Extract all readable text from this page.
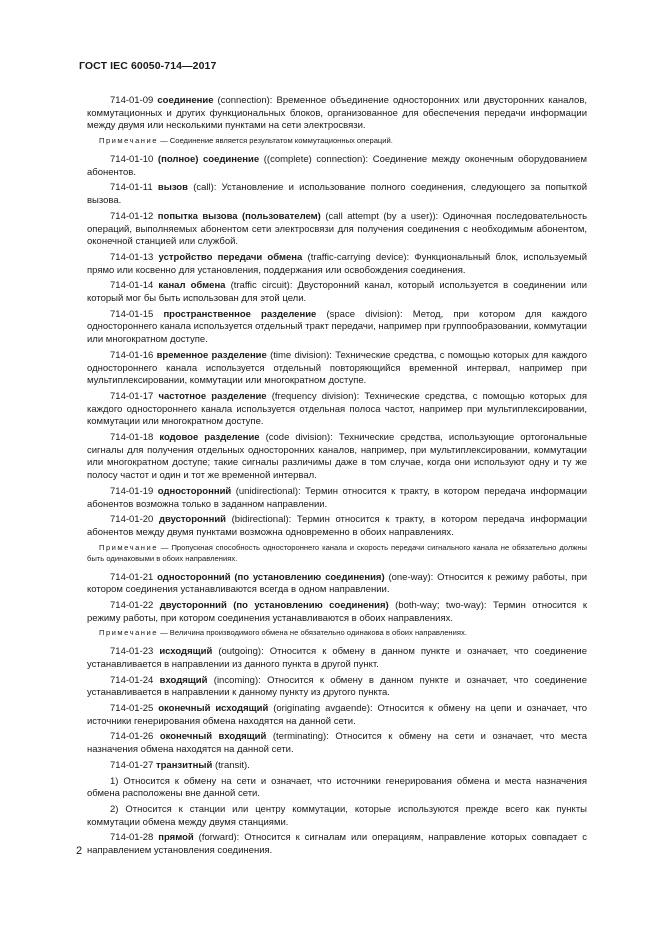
ГОСТ IEC 60050-714—2017

714-01-09 соединение (connection): Временное объединение односторонних или двусторонних каналов, коммутационных и других функциональных блоков, организованное для обеспечения передачи информации между двумя или несколькими пунктами на сети электросвязи.

Примечание — Соединение является результатом коммутационных операций.

714-01-10 (полное) соединение ((complete) connection): Соединение между оконечным оборудованием абонентов.

714-01-11 вызов (call): Установление и использование полного соединения, следующего за попыткой вызова.

714-01-12 попытка вызова (пользователем) (call attempt (by a user)): Одиночная последовательность операций, выполняемых абонентом сети электросвязи для получения соединения с необходимым абонентом, оконечной станцией или службой.

714-01-13 устройство передачи обмена (traffic-carrying device): Функциональный блок, используемый прямо или косвенно для установления, поддержания или освобождения соединения.

714-01-14 канал обмена (traffic circuit): Двусторонний канал, который используется в соединении или который мог бы быть использован для этой цели.

714-01-15 пространственное разделение (space division): Метод, при котором для каждого одностороннего канала используется отдельный тракт передачи, например при группообразовании, коммутации или многократном доступе.

714-01-16 временное разделение (time division): Технические средства, с помощью которых для каждого одностороннего канала используется отдельный повторяющийся временной интервал, например при мультиплексировании, коммутации или многократном доступе.

714-01-17 частотное разделение (frequency division): Технические средства, с помощью которых для каждого одностороннего канала используется отдельная полоса частот, например при мультиплексировании, коммутации или многократном доступе.

714-01-18 кодовое разделение (code division): Технические средства, использующие ортогональные сигналы для получения отдельных односторонних каналов, например, при мультиплексировании, коммутации или многократном доступе; такие сигналы различимы даже в том случае, когда они используют одну и ту же полосу частот и один и тот же временной интервал.

714-01-19 односторонний (unidirectional): Термин относится к тракту, в котором передача информации абонентов возможна только в заданном направлении.

714-01-20 двусторонний (bidirectional): Термин относится к тракту, в котором передача информации абонентов между двумя пунктами возможна одновременно в обоих направлениях.

Примечание — Пропускная способность одностороннего канала и скорость передачи сигнального канала не обязательно должны быть одинаковыми в обоих направлениях.

714-01-21 односторонний (по установлению соединения) (one-way): Относится к режиму работы, при котором соединения устанавливаются всегда в одном направлении.

714-01-22 двусторонний (по установлению соединения) (both-way; two-way): Термин относится к режиму работы, при котором соединения устанавливаются в обоих направлениях.

Примечание — Величина производимого обмена не обязательно одинакова в обоих направлениях.

714-01-23 исходящий (outgoing): Относится к обмену в данном пункте и означает, что соединение устанавливается в направлении из данного пункта в другой пункт.

714-01-24 входящий (incoming): Относится к обмену в данном пункте и означает, что соединение устанавливается в направлении к данному пункту из другого пункта.

714-01-25 оконечный исходящий (originating avgaende): Относится к обмену на цепи и означает, что источники генерирования обмена находятся на данной сети.

714-01-26 оконечный входящий (terminating): Относится к обмену на сети и означает, что места назначения обмена находятся на данной сети.

714-01-27 транзитный (transit).

1) Относится к обмену на сети и означает, что источники генерирования обмена и места назначения обмена расположены вне данной сети.

2) Относится к станции или центру коммутации, которые используются прежде всего как пункты коммутации обмена между двумя станциями.

714-01-28 прямой (forward): Относится к сигналам или операциям, направление которых совпадает с направлением установления соединения.

2
